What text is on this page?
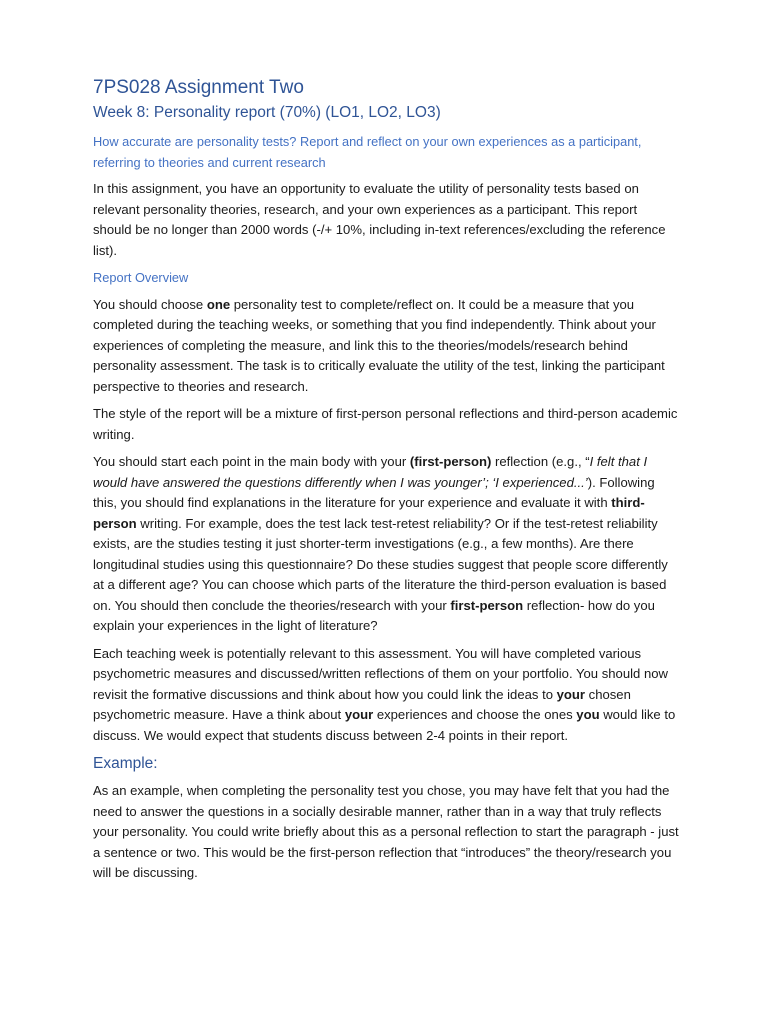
7PS028 Assignment Two
Week 8: Personality report (70%) (LO1, LO2, LO3)
How accurate are personality tests? Report and reflect on your own experiences as a participant, referring to theories and current research

In this assignment, you have an opportunity to evaluate the utility of personality tests based on relevant personality theories, research, and your own experiences as a participant. This report should be no longer than 2000 words (-/+ 10%, including in-text references/excluding the reference list).

Report Overview

You should choose one personality test to complete/reflect on. It could be a measure that you completed during the teaching weeks, or something that you find independently. Think about your experiences of completing the measure, and link this to the theories/models/research behind personality assessment. The task is to critically evaluate the utility of the test, linking the participant perspective to theories and research.

The style of the report will be a mixture of first-person personal reflections and third-person academic writing.

You should start each point in the main body with your (first-person) reflection (e.g., “I felt that I would have answered the questions differently when I was younger’; ‘I experienced...’). Following this, you should find explanations in the literature for your experience and evaluate it with third-person writing. For example, does the test lack test-retest reliability? Or if the test-retest reliability exists, are the studies testing it just shorter-term investigations (e.g., a few months). Are there longitudinal studies using this questionnaire? Do these studies suggest that people score differently at a different age? You can choose which parts of the literature the third-person evaluation is based on. You should then conclude the theories/research with your first-person reflection- how do you explain your experiences in the light of literature?

Each teaching week is potentially relevant to this assessment. You will have completed various psychometric measures and discussed/written reflections of them on your portfolio. You should now revisit the formative discussions and think about how you could link the ideas to your chosen psychometric measure. Have a think about your experiences and choose the ones you would like to discuss. We would expect that students discuss between 2-4 points in their report.

Example:

As an example, when completing the personality test you chose, you may have felt that you had the need to answer the questions in a socially desirable manner, rather than in a way that truly reflects your personality. You could write briefly about this as a personal reflection to start the paragraph - just a sentence or two. This would be the first-person reflection that “introduces” the theory/research you will be discussing.
